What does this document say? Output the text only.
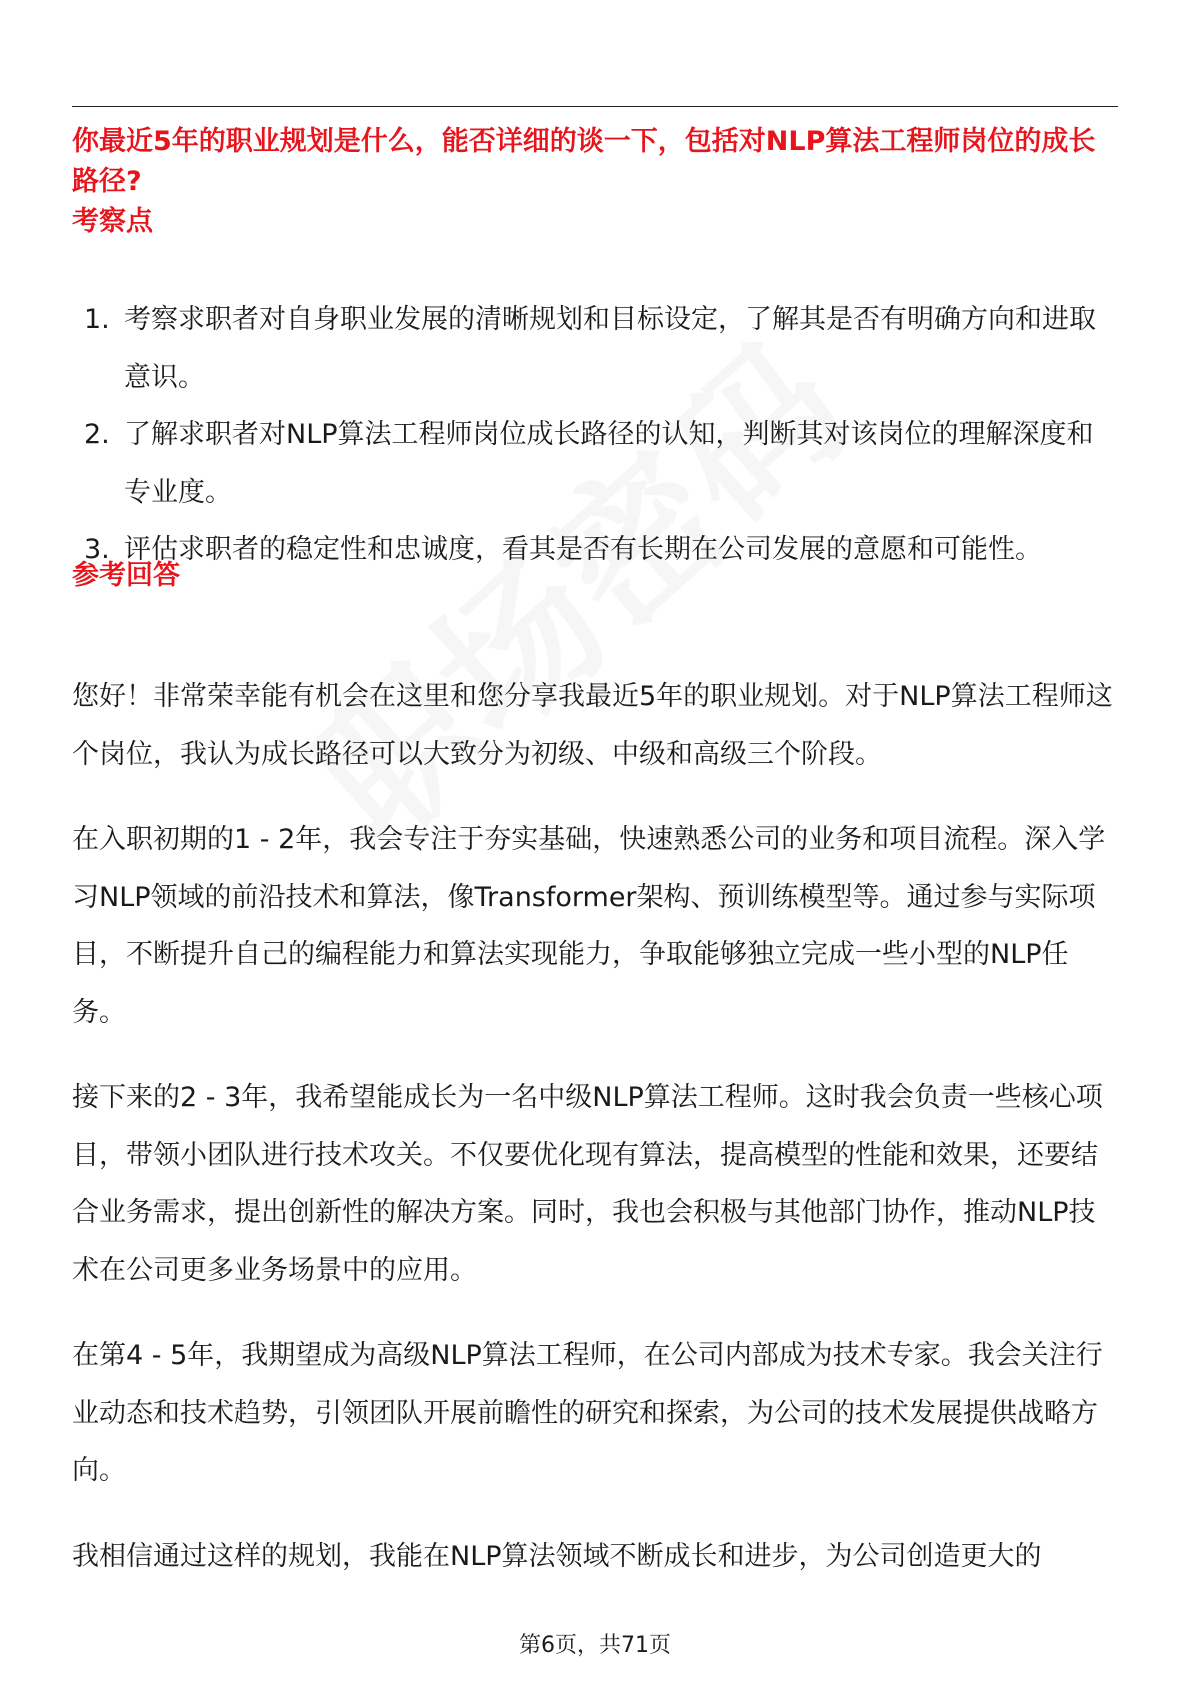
你最近5年的职业规划是什么，能否详细的谈一下，包括对NLP算法工程师岗位的成长路径?
考察点
1. 考察求职者对自身职业发展的清晰规划和目标设定，了解其是否有明确方向和进取意识。
2. 了解求职者对NLP算法工程师岗位成长路径的认知，判断其对该岗位的理解深度和专业度。
3. 评估求职者的稳定性和忠诚度，看其是否有长期在公司发展的意愿和可能性。
参考回答

您好！非常荣幸能有机会在这里和您分享我最近5年的职业规划。对于NLP算法工程师这个岗位，我认为成长路径可以大致分为初级、中级和高级三个阶段。

在入职初期的1 - 2年，我会专注于夯实基础，快速熟悉公司的业务和项目流程。深入学习NLP领域的前沿技术和算法，像Transformer架构、预训练模型等。通过参与实际项目，不断提升自己的编程能力和算法实现能力，争取能够独立完成一些小型的NLP任务。

接下来的2 - 3年，我希望能成长为一名中级NLP算法工程师。这时我会负责一些核心项目，带领小团队进行技术攻关。不仅要优化现有算法，提高模型的性能和效果，还要结合业务需求，提出创新性的解决方案。同时，我也会积极与其他部门协作，推动NLP技术在公司更多业务场景中的应用。

在第4 - 5年，我期望成为高级NLP算法工程师，在公司内部成为技术专家。我会关注行业动态和技术趋势，引领团队开展前瞻性的研究和探索，为公司的技术发展提供战略方向。

我相信通过这样的规划，我能在NLP算法领域不断成长和进步，为公司创造更大的

第6页，共71页
